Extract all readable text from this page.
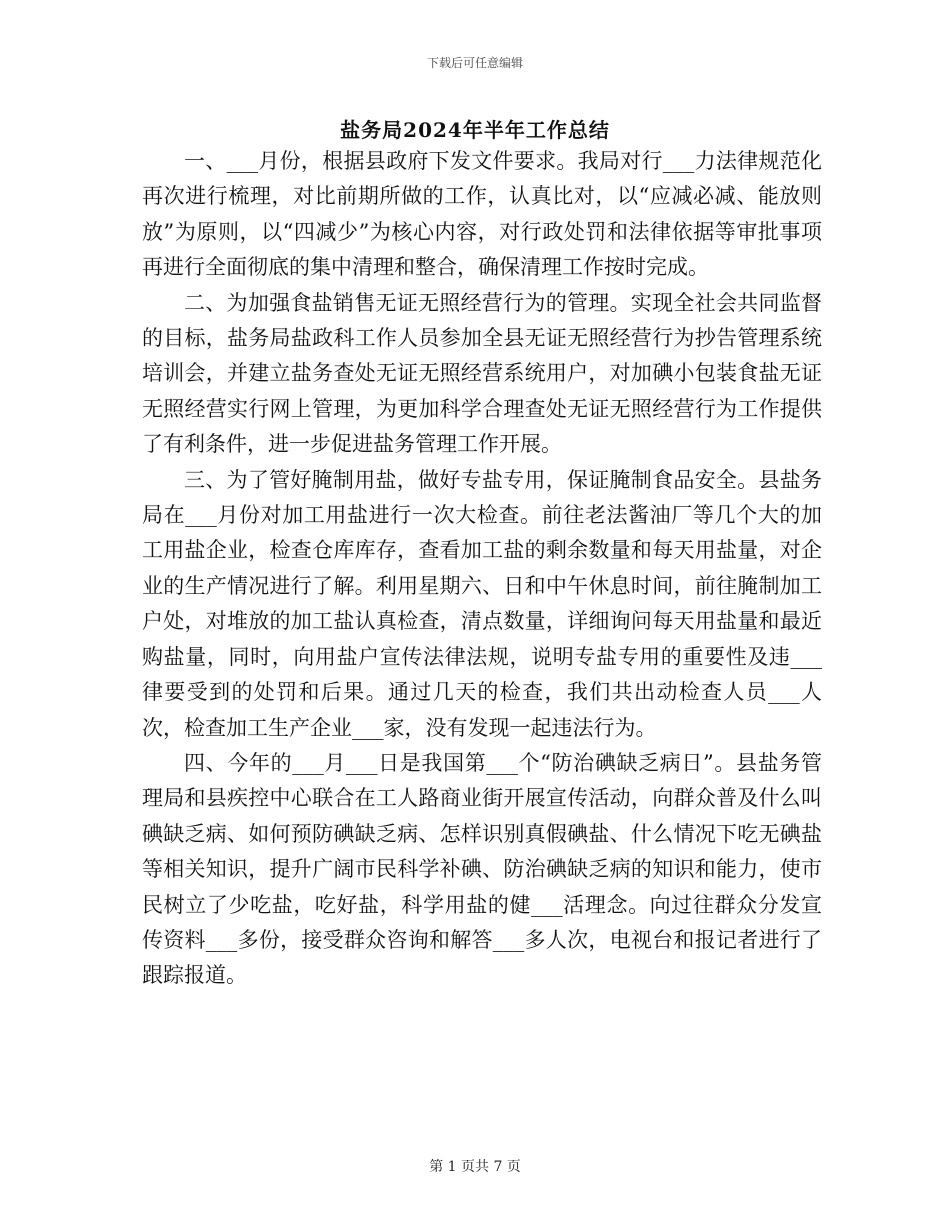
下载后可任意编辑
盐务局2024年半年工作总结

一、___月份，根据县政府下发文件要求。我局对行___力法律规范化再次进行梳理，对比前期所做的工作，认真比对，以“应减必减、能放则放”为原则，以“四减少”为核心内容，对行政处罚和法律依据等审批事项再进行全面彻底的集中清理和整合，确保清理工作按时完成。

二、为加强食盐销售无证无照经营行为的管理。实现全社会共同监督的目标，盐务局盐政科工作人员参加全县无证无照经营行为抄告管理系统培训会，并建立盐务查处无证无照经营系统用户，对加碘小包装食盐无证无照经营实行网上管理，为更加科学合理查处无证无照经营行为工作提供了有利条件，进一步促进盐务管理工作开展。

三、为了管好腌制用盐，做好专盐专用，保证腌制食品安全。县盐务局在___月份对加工用盐进行一次大检查。前往老法酱油厂等几个大的加工用盐企业，检查仓库库存，查看加工盐的剩余数量和每天用盐量，对企业的生产情况进行了解。利用星期六、日和中午休息时间，前往腌制加工户处，对堆放的加工盐认真检查，清点数量，详细询问每天用盐量和最近购盐量，同时，向用盐户宣传法律法规，说明专盐专用的重要性及违___律要受到的处罚和后果。通过几天的检查，我们共出动检查人员___人次，检查加工生产企业___家，没有发现一起违法行为。

四、今年的___月___日是我国第___个“防治碘缺乏病日”。县盐务管理局和县疾控中心联合在工人路商业街开展宣传活动，向群众普及什么叫碘缺乏病、如何预防碘缺乏病、怎样识别真假碘盐、什么情况下吃无碘盐等相关知识，提升广阔市民科学补碘、防治碘缺乏病的知识和能力，使市民树立了少吃盐，吃好盐，科学用盐的健___活理念。向过往群众分发宣传资料___多份，接受群众咨询和解答___多人次，电视台和报记者进行了跟踪报道。

第 1 页共 7 页
